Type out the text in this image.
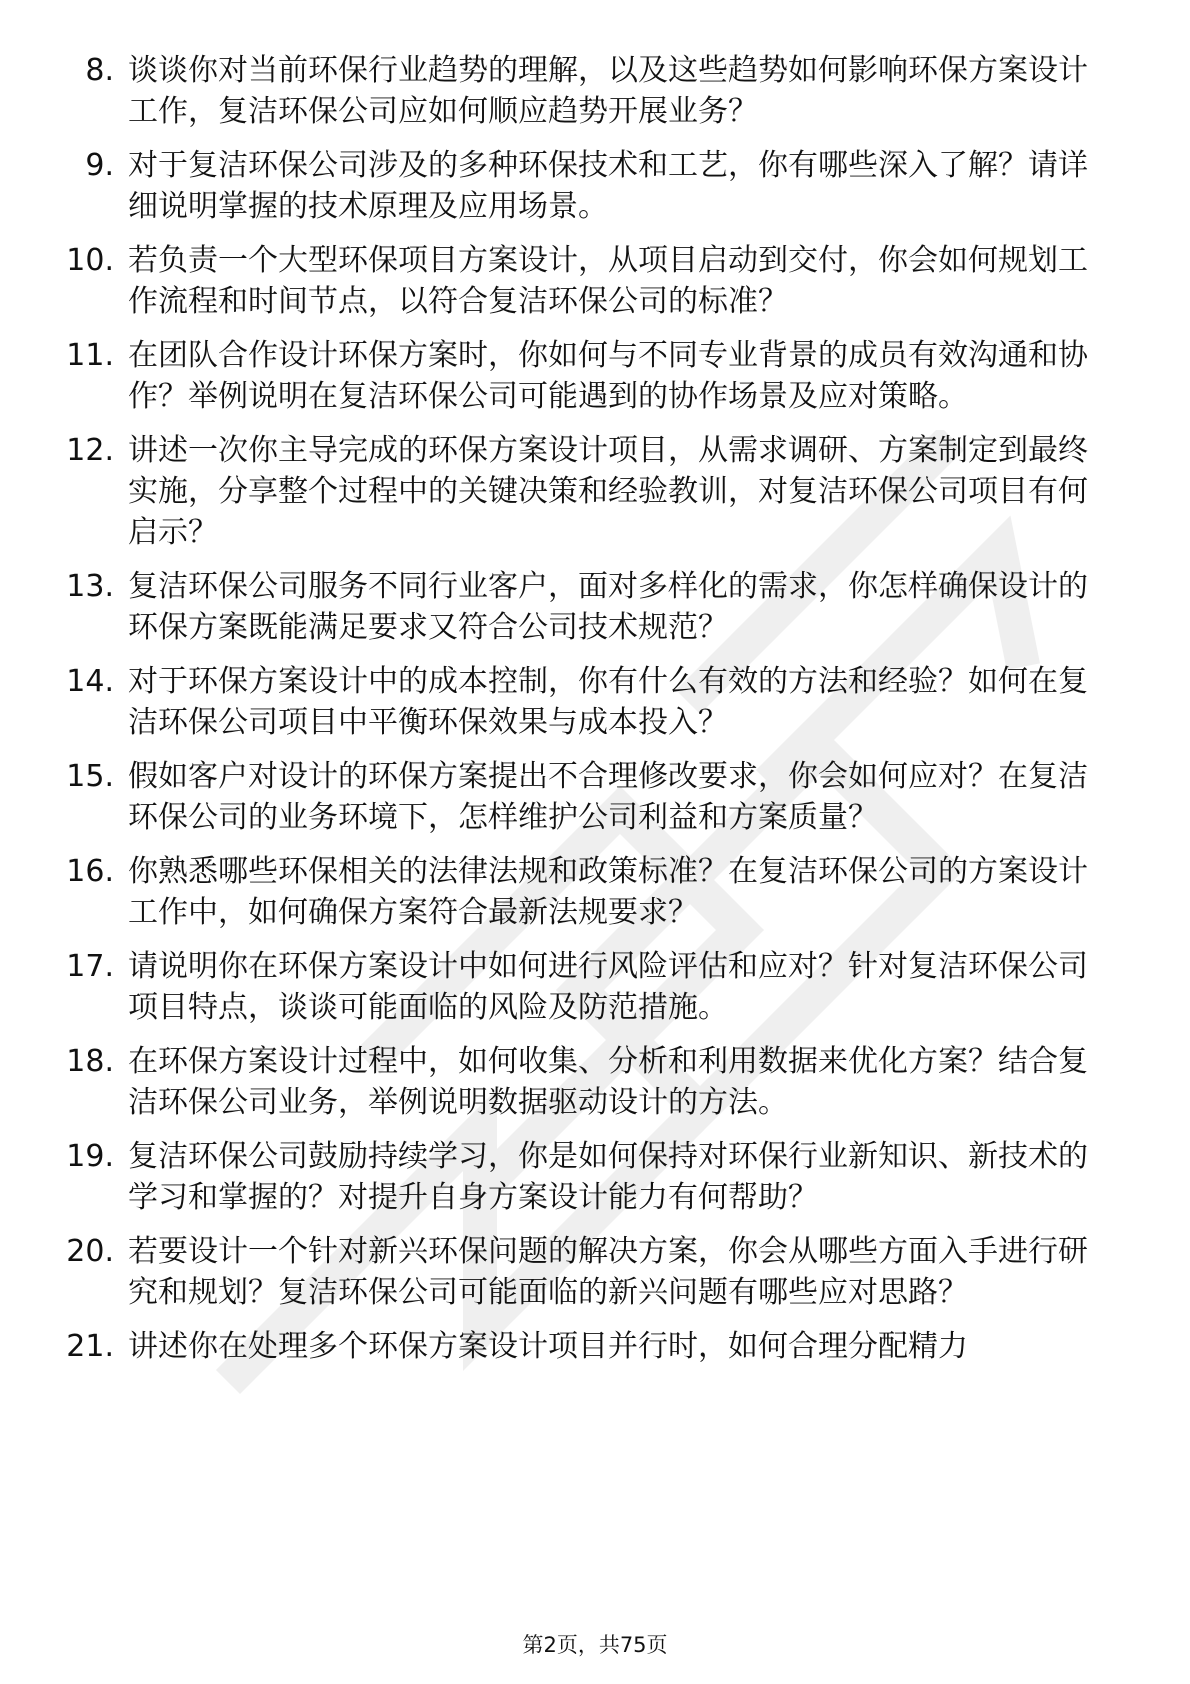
8. 谈谈你对当前环保行业趋势的理解，以及这些趋势如何影响环保方案设计工作，复洁环保公司应如何顺应趋势开展业务？
9. 对于复洁环保公司涉及的多种环保技术和工艺，你有哪些深入了解？请详细说明掌握的技术原理及应用场景。
10. 若负责一个大型环保项目方案设计，从项目启动到交付，你会如何规划工作流程和时间节点，以符合复洁环保公司的标准？
11. 在团队合作设计环保方案时，你如何与不同专业背景的成员有效沟通和协作？举例说明在复洁环保公司可能遇到的协作场景及应对策略。
12. 讲述一次你主导完成的环保方案设计项目，从需求调研、方案制定到最终实施，分享整个过程中的关键决策和经验教训，对复洁环保公司项目有何启示？
13. 复洁环保公司服务不同行业客户，面对多样化的需求，你怎样确保设计的环保方案既能满足要求又符合公司技术规范？
14. 对于环保方案设计中的成本控制，你有什么有效的方法和经验？如何在复洁环保公司项目中平衡环保效果与成本投入？
15. 假如客户对设计的环保方案提出不合理修改要求，你会如何应对？在复洁环保公司的业务环境下，怎样维护公司利益和方案质量？
16. 你熟悉哪些环保相关的法律法规和政策标准？在复洁环保公司的方案设计工作中，如何确保方案符合最新法规要求？
17. 请说明你在环保方案设计中如何进行风险评估和应对？针对复洁环保公司项目特点，谈谈可能面临的风险及防范措施。
18. 在环保方案设计过程中，如何收集、分析和利用数据来优化方案？结合复洁环保公司业务，举例说明数据驱动设计的方法。
19. 复洁环保公司鼓励持续学习，你是如何保持对环保行业新知识、新技术的学习和掌握的？对提升自身方案设计能力有何帮助？
20. 若要设计一个针对新兴环保问题的解决方案，你会从哪些方面入手进行研究和规划？复洁环保公司可能面临的新兴问题有哪些应对思路？
21. 讲述你在处理多个环保方案设计项目并行时，如何合理分配精力
第2页，共75页
